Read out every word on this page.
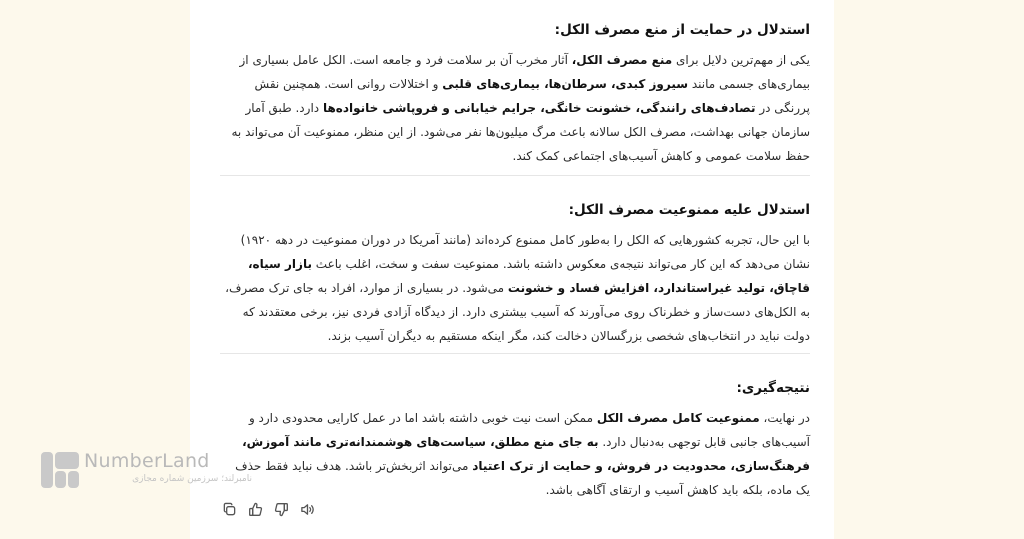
استدلال در حمایت از منع مصرف الکل:

یکی از مهم‌ترین دلایل برای منع مصرف الکل، آثار مخرب آن بر سلامت فرد و جامعه است. الکل عامل بسیاری از بیماری‌های جسمی مانند سیروز کبدی، سرطان‌ها، بیماری‌های قلبی و اختلالات روانی است. همچنین نقش پررنگی در تصادف‌های رانندگی، خشونت خانگی، جرایم خیابانی و فروپاشی خانواده‌ها دارد. طبق آمار سازمان جهانی بهداشت، مصرف الکل سالانه باعث مرگ میلیون‌ها نفر می‌شود. از این منظر، ممنوعیت آن می‌تواند به حفظ سلامت عمومی و کاهش آسیب‌های اجتماعی کمک کند.

استدلال علیه ممنوعیت مصرف الکل:

با این حال، تجربه کشورهایی که الکل را به‌طور کامل ممنوع کرده‌اند (مانند آمریکا در دوران ممنوعیت در دهه ۱۹۲۰) نشان می‌دهد که این کار می‌تواند نتیجه‌ی معکوس داشته باشد. ممنوعیت سفت و سخت، اغلب باعث بازار سیاه، قاچاق، تولید غیراستاندارد، افزایش فساد و خشونت می‌شود. در بسیاری از موارد، افراد به جای ترک مصرف، به الکل‌های دست‌ساز و خطرناک روی می‌آورند که آسیب بیشتری دارد. از دیدگاه آزادی فردی نیز، برخی معتقدند که دولت نباید در انتخاب‌های شخصی بزرگسالان دخالت کند، مگر اینکه مستقیم به دیگران آسیب بزند.

نتیجه‌گیری:

در نهایت، ممنوعیت کامل مصرف الکل ممکن است نیت خوبی داشته باشد اما در عمل کارایی محدودی دارد و آسیب‌های جانبی قابل توجهی به‌دنبال دارد. به جای منع مطلق، سیاست‌های هوشمندانه‌تری مانند آموزش، فرهنگ‌سازی، محدودیت در فروش، و حمایت از ترک اعتیاد می‌تواند اثربخش‌تر باشد. هدف نباید فقط حذف یک ماده، بلکه باید کاهش آسیب و ارتقای آگاهی باشد.

NumberLand
نامبرلند؛ سرزمین شماره مجازی
